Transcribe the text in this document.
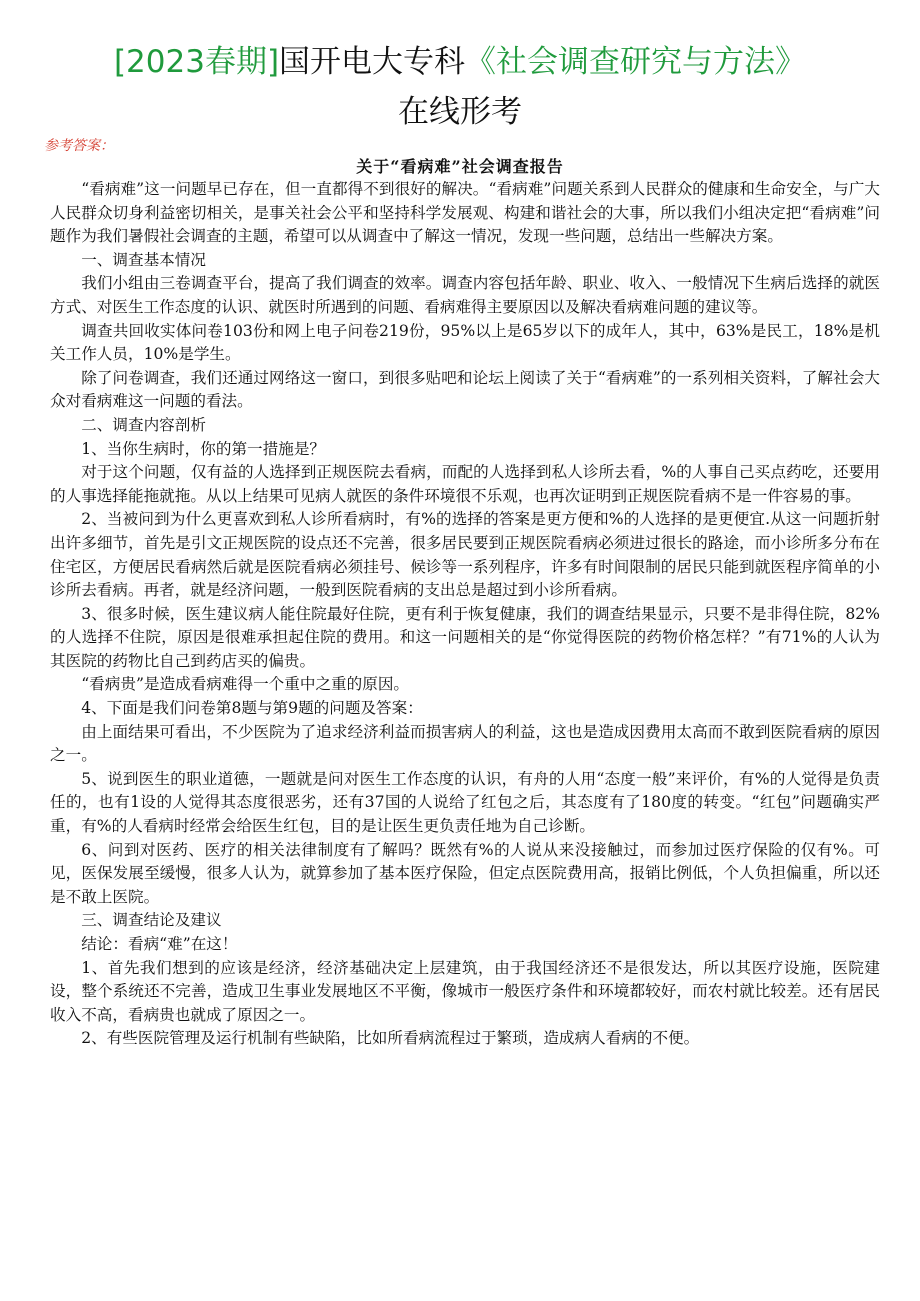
[2023春期]国开电大专科《社会调查研究与方法》
在线形考
参考答案：
关于“看病难”社会调查报告

“看病难”这一问题早已存在，但一直都得不到很好的解决。“看病难”问题关系到人民群众的健康和生命安全，与广大人民群众切身利益密切相关，是事关社会公平和坚持科学发展观、构建和谐社会的大事，所以我们小组决定把“看病难”问题作为我们暑假社会调查的主题，希望可以从调查中了解这一情况，发现一些问题，总结出一些解决方案。

一、调查基本情况

我们小组由三卷调查平台，提高了我们调查的效率。调查内容包括年龄、职业、收入、一般情况下生病后选择的就医方式、对医生工作态度的认识、就医时所遇到的问题、看病难得主要原因以及解决看病难问题的建议等。

调查共回收实体问卷103份和网上电子问卷219份，95%以上是65岁以下的成年人，其中，63%是民工，18%是机关工作人员，10%是学生。

除了问卷调查，我们还通过网络这一窗口，到很多贴吧和论坛上阅读了关于“看病难”的一系列相关资料，了解社会大众对看病难这一问题的看法。

二、调查内容剖析

1、当你生病时，你的第一措施是？

对于这个问题，仅有益的人选择到正规医院去看病，而配的人选择到私人诊所去看，%的人事自己买点药吃，还要用的人事选择能拖就拖。从以上结果可见病人就医的条件环境很不乐观，也再次证明到正规医院看病不是一件容易的事。

2、当被问到为什么更喜欢到私人诊所看病时，有%的选择的答案是更方便和%的人选择的是更便宜.从这一问题折射出许多细节，首先是引文正规医院的设点还不完善，很多居民要到正规医院看病必须进过很长的路途，而小诊所多分布在住宅区，方便居民看病然后就是医院看病必须挂号、候诊等一系列程序，许多有时间限制的居民只能到就医程序简单的小诊所去看病。再者，就是经济问题，一般到医院看病的支出总是超过到小诊所看病。

3、很多时候，医生建议病人能住院最好住院，更有利于恢复健康，我们的调查结果显示，只要不是非得住院，82%的人选择不住院，原因是很难承担起住院的费用。和这一问题相关的是“你觉得医院的药物价格怎样？”有71%的人认为其医院的药物比自己到药店买的偏贵。

“看病贵”是造成看病难得一个重中之重的原因。

4、下面是我们问卷第8题与第9题的问题及答案：

由上面结果可看出，不少医院为了追求经济利益而损害病人的利益，这也是造成因费用太高而不敢到医院看病的原因之一。

5、说到医生的职业道德，一题就是问对医生工作态度的认识，有舟的人用“态度一般”来评价，有%的人觉得是负责任的，也有1设的人觉得其态度很恶劣，还有37国的人说给了红包之后，其态度有了180度的转变。“红包”问题确实严重，有%的人看病时经常会给医生红包，目的是让医生更负责任地为自己诊断。

6、问到对医药、医疗的相关法律制度有了解吗？既然有%的人说从来没接触过，而参加过医疗保险的仅有%。可见，医保发展至缓慢，很多人认为，就算参加了基本医疗保险，但定点医院费用高，报销比例低，个人负担偏重，所以还是不敢上医院。

三、调查结论及建议

结论：看病“难”在这！

1、首先我们想到的应该是经济，经济基础决定上层建筑，由于我国经济还不是很发达，所以其医疗设施，医院建设，整个系统还不完善，造成卫生事业发展地区不平衡，像城市一般医疗条件和环境都较好，而农村就比较差。还有居民收入不高，看病贵也就成了原因之一。

2、有些医院管理及运行机制有些缺陷，比如所看病流程过于繁琐，造成病人看病的不便。
